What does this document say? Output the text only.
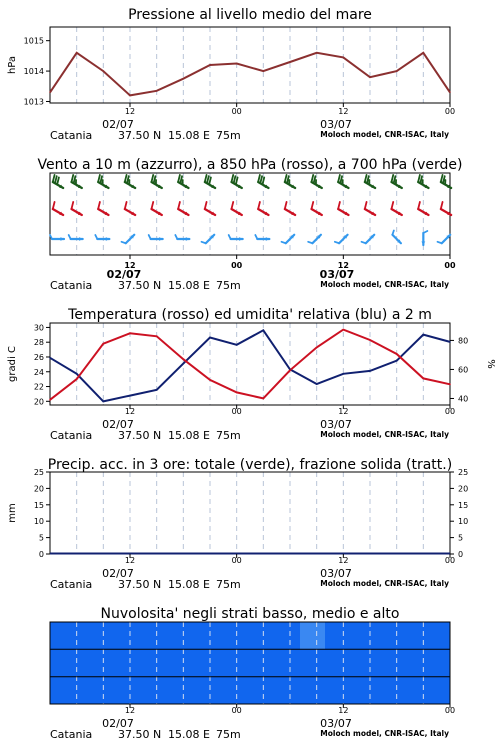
Pressione al livello medio del mare
1013
1014
1015
hPa
12	00	12	00
02/07	03/07
Catania 37.50 N 15.08 E 75m	Moloch model, CNR-ISAC, Italy
Vento a 10 m (azzurro), a 850 hPa (rosso), a 700 hPa (verde)
12	00	12	00
02/07	03/07
Catania 37.50 N 15.08 E 75m	Moloch model, CNR-ISAC, Italy
Temperatura (rosso) ed umidita' relativa (blu) a 2 m
20
22
24
26
28
30
40
60
80
gradi C	%
12	00	12	00
02/07	03/07
Catania 37.50 N 15.08 E 75m	Moloch model, CNR-ISAC, Italy
Precip. acc. in 3 ore: totale (verde), frazione solida (tratt.)
0
5
10
15
20
25
0
5
10
15
20
25
mm
12	00	12	00
02/07	03/07
Catania 37.50 N 15.08 E 75m	Moloch model, CNR-ISAC, Italy
Nuvolosita' negli strati basso, medio e alto
12	00	12	00
02/07	03/07
Catania 37.50 N 15.08 E 75m	Moloch model, CNR-ISAC, Italy
